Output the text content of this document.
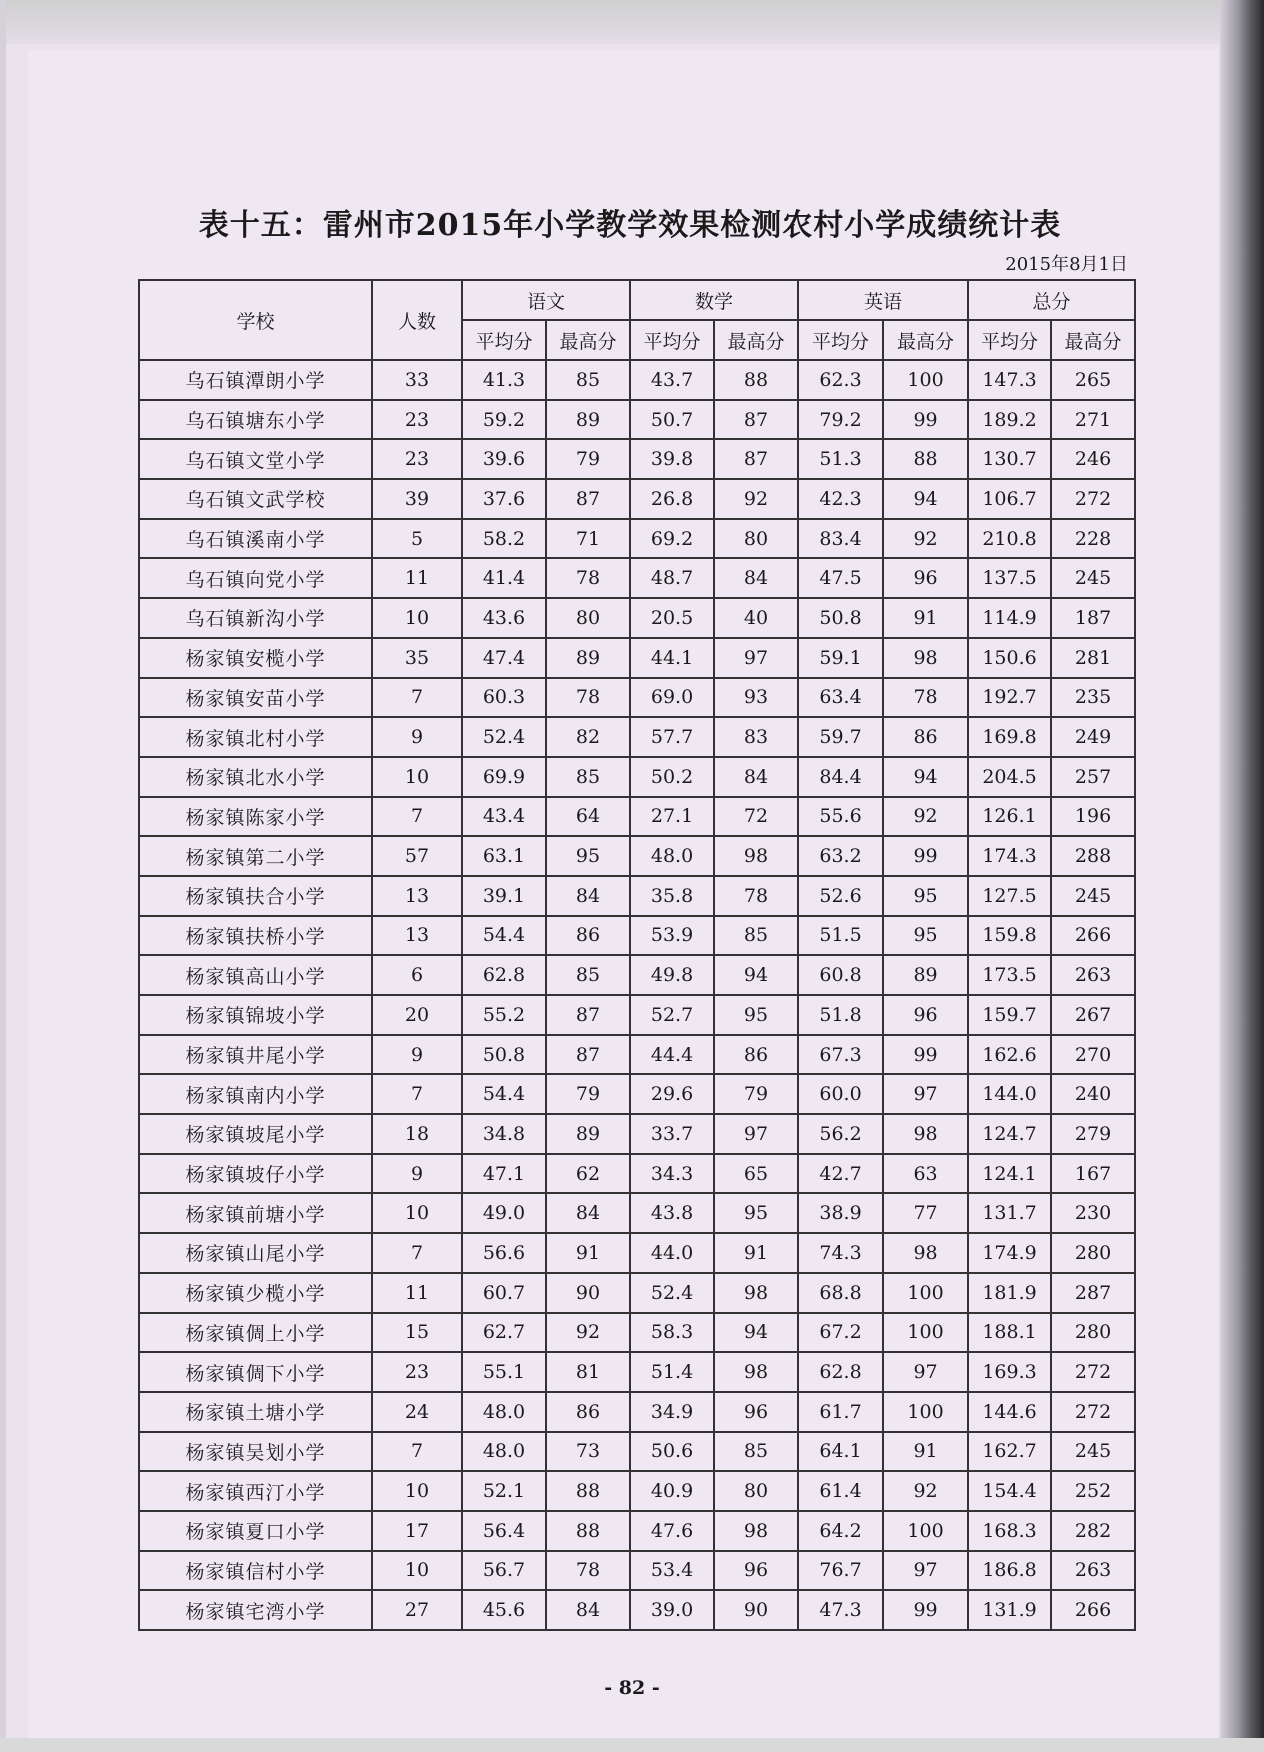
表十五：雷州市2015年小学教学效果检测农村小学成绩统计表
2015年8月1日
学校	人数	语文		数学		英语		总分	
		平均分	最高分	平均分	最高分	平均分	最高分	平均分	最高分
乌石镇潭朗小学	33	41.3	85	43.7	88	62.3	100	147.3	265
乌石镇塘东小学	23	59.2	89	50.7	87	79.2	99	189.2	271
乌石镇文堂小学	23	39.6	79	39.8	87	51.3	88	130.7	246
乌石镇文武学校	39	37.6	87	26.8	92	42.3	94	106.7	272
乌石镇溪南小学	5	58.2	71	69.2	80	83.4	92	210.8	228
乌石镇向党小学	11	41.4	78	48.7	84	47.5	96	137.5	245
乌石镇新沟小学	10	43.6	80	20.5	40	50.8	91	114.9	187
杨家镇安榄小学	35	47.4	89	44.1	97	59.1	98	150.6	281
杨家镇安苗小学	7	60.3	78	69.0	93	63.4	78	192.7	235
杨家镇北村小学	9	52.4	82	57.7	83	59.7	86	169.8	249
杨家镇北水小学	10	69.9	85	50.2	84	84.4	94	204.5	257
杨家镇陈家小学	7	43.4	64	27.1	72	55.6	92	126.1	196
杨家镇第二小学	57	63.1	95	48.0	98	63.2	99	174.3	288
杨家镇扶合小学	13	39.1	84	35.8	78	52.6	95	127.5	245
杨家镇扶桥小学	13	54.4	86	53.9	85	51.5	95	159.8	266
杨家镇高山小学	6	62.8	85	49.8	94	60.8	89	173.5	263
杨家镇锦坡小学	20	55.2	87	52.7	95	51.8	96	159.7	267
杨家镇井尾小学	9	50.8	87	44.4	86	67.3	99	162.6	270
杨家镇南内小学	7	54.4	79	29.6	79	60.0	97	144.0	240
杨家镇坡尾小学	18	34.8	89	33.7	97	56.2	98	124.7	279
杨家镇坡仔小学	9	47.1	62	34.3	65	42.7	63	124.1	167
杨家镇前塘小学	10	49.0	84	43.8	95	38.9	77	131.7	230
杨家镇山尾小学	7	56.6	91	44.0	91	74.3	98	174.9	280
杨家镇少榄小学	11	60.7	90	52.4	98	68.8	100	181.9	287
杨家镇倜上小学	15	62.7	92	58.3	94	67.2	100	188.1	280
杨家镇倜下小学	23	55.1	81	51.4	98	62.8	97	169.3	272
杨家镇土塘小学	24	48.0	86	34.9	96	61.7	100	144.6	272
杨家镇吴划小学	7	48.0	73	50.6	85	64.1	91	162.7	245
杨家镇西汀小学	10	52.1	88	40.9	80	61.4	92	154.4	252
杨家镇夏口小学	17	56.4	88	47.6	98	64.2	100	168.3	282
杨家镇信村小学	10	56.7	78	53.4	96	76.7	97	186.8	263
杨家镇宅湾小学	27	45.6	84	39.0	90	47.3	99	131.9	266
- 82 -
